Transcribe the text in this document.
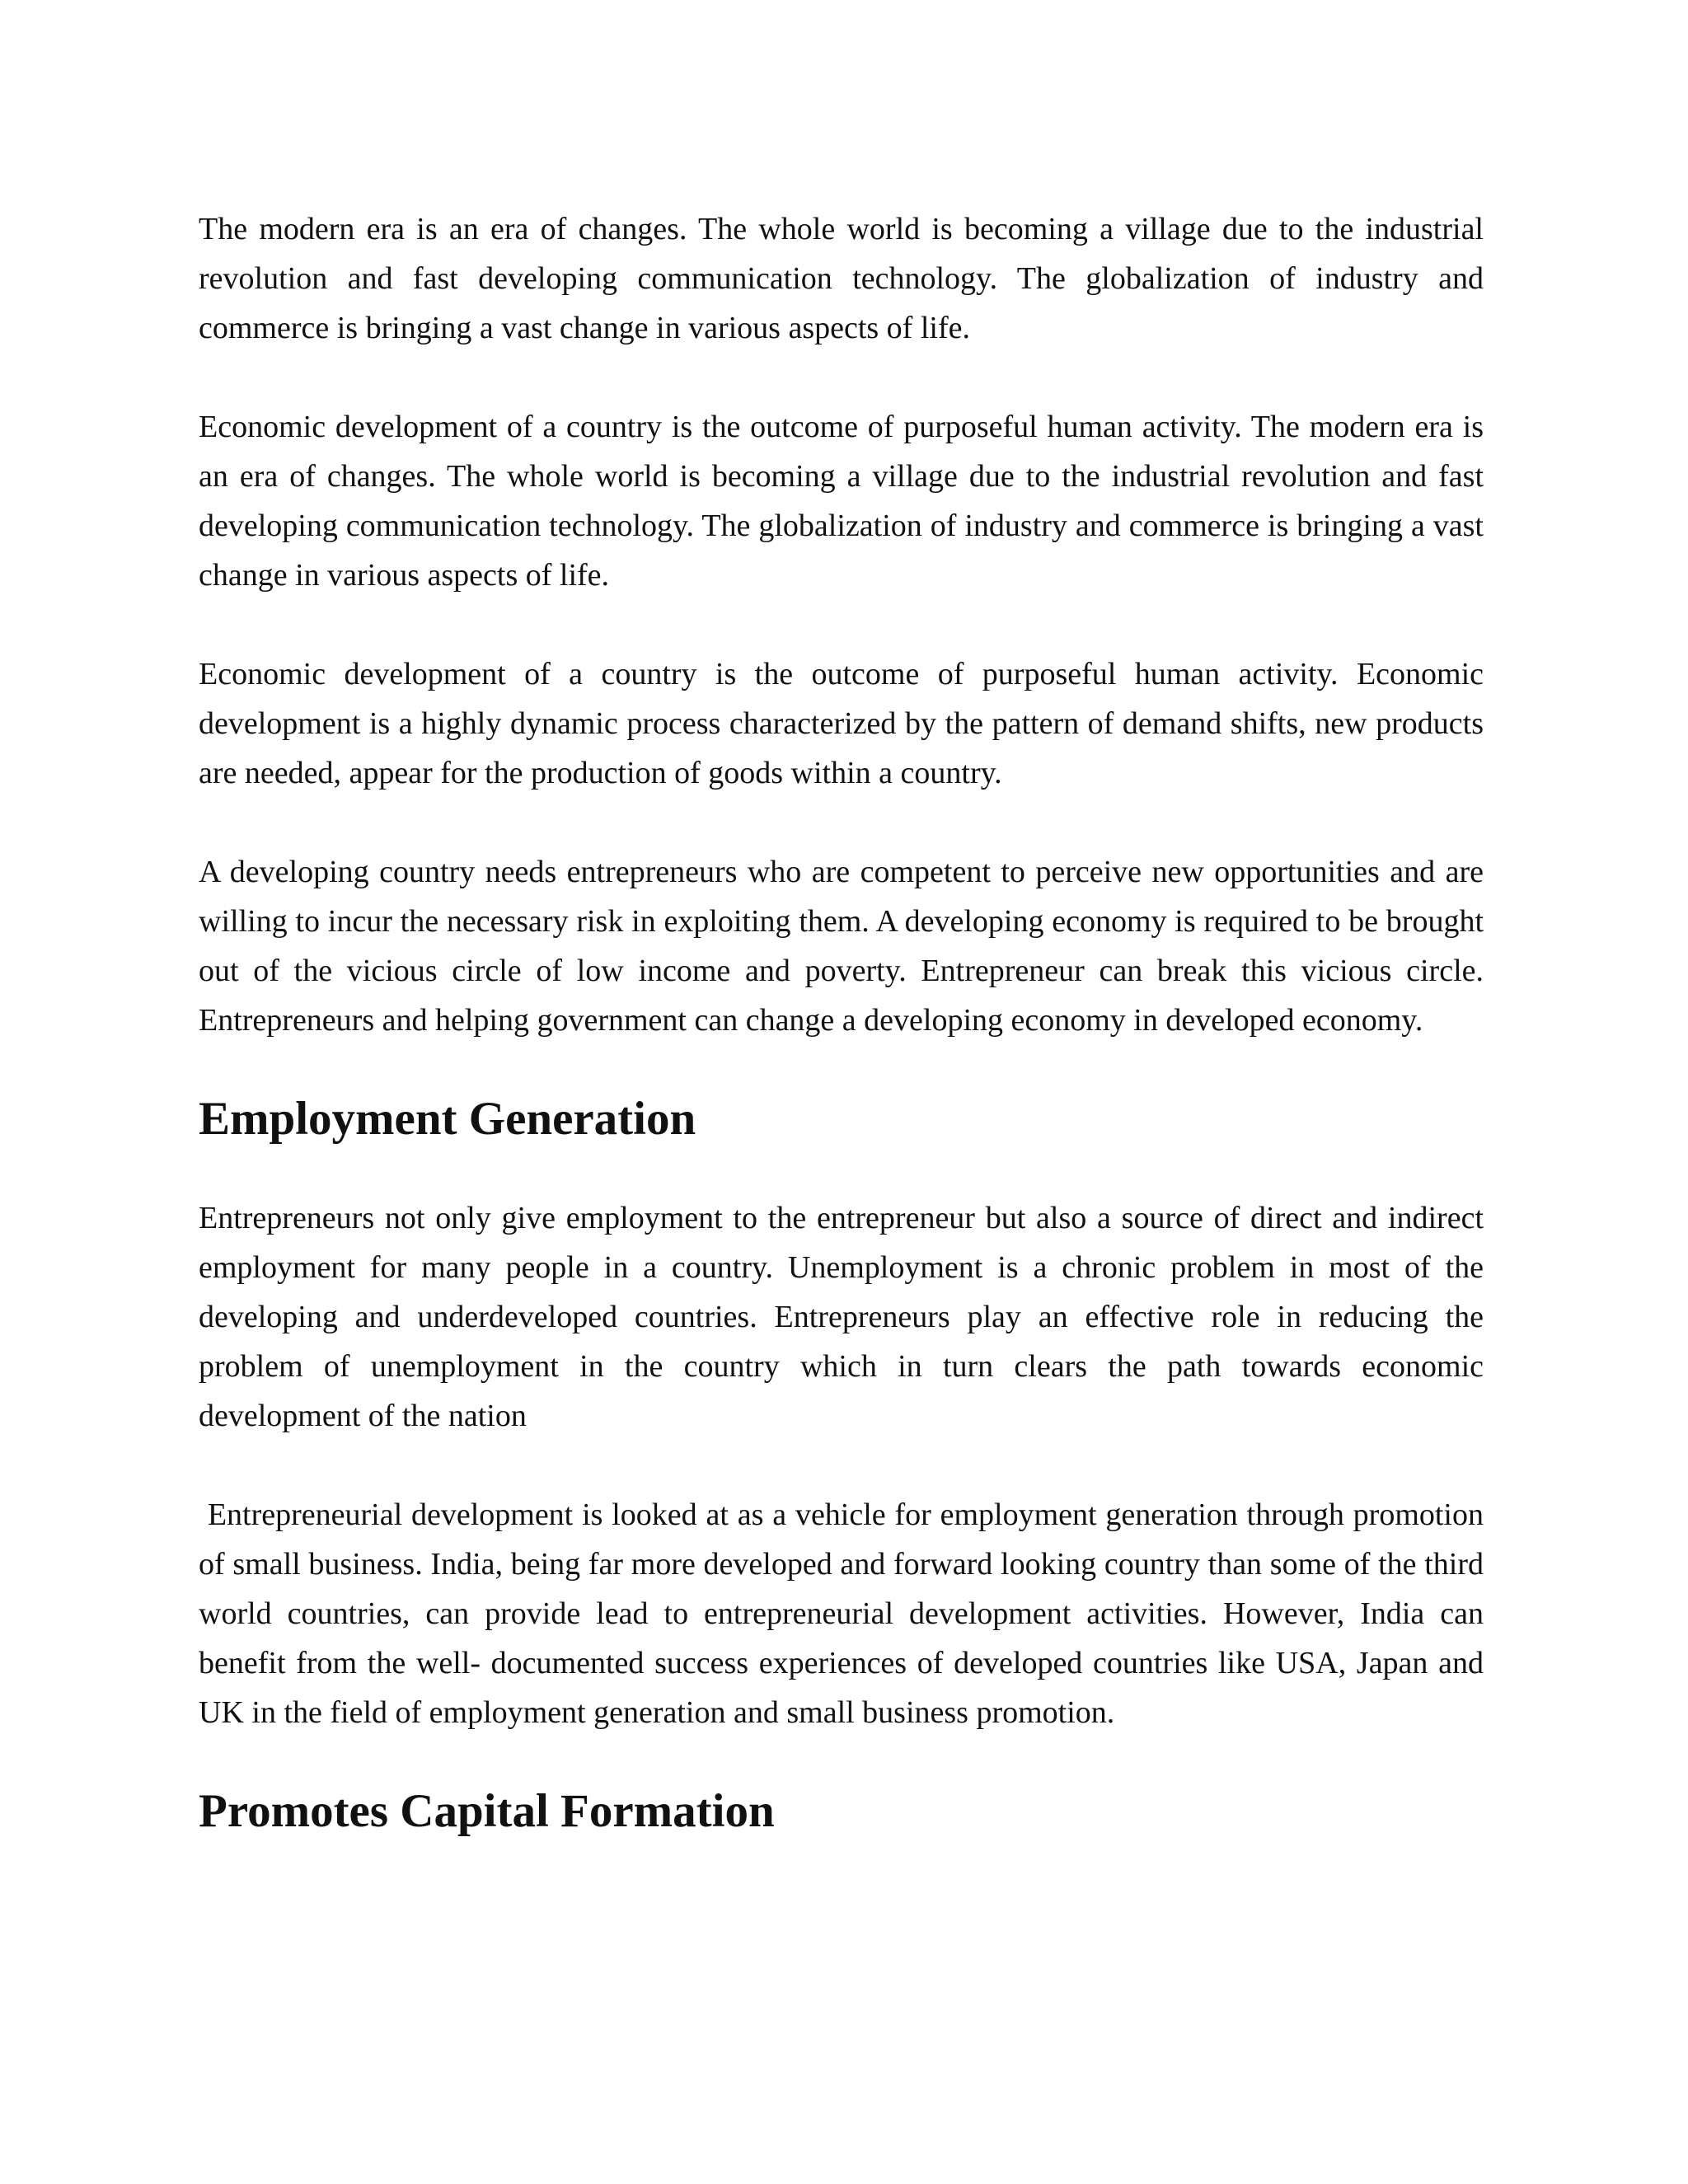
The modern era is an era of changes. The whole world is becoming a village due to the industrial revolution and fast developing communication technology. The globalization of industry and commerce is bringing a vast change in various aspects of life.

Economic development of a country is the outcome of purposeful human activity. The modern era is an era of changes. The whole world is becoming a village due to the industrial revolution and fast developing communication technology. The globalization of industry and commerce is bringing a vast change in various aspects of life.

Economic development of a country is the outcome of purposeful human activity. Economic development is a highly dynamic process characterized by the pattern of demand shifts, new products are needed, appear for the production of goods within a country.

A developing country needs entrepreneurs who are competent to perceive new opportunities and are willing to incur the necessary risk in exploiting them. A developing economy is required to be brought out of the vicious circle of low income and poverty. Entrepreneur can break this vicious circle. Entrepreneurs and helping government can change a developing economy in developed economy.

Employment Generation

Entrepreneurs not only give employment to the entrepreneur but also a source of direct and indirect employment for many people in a country. Unemployment is a chronic problem in most of the developing and underdeveloped countries. Entrepreneurs play an effective role in reducing the problem of unemployment in the country which in turn clears the path towards economic development of the nation

Entrepreneurial development is looked at as a vehicle for employment generation through promotion of small business. India, being far more developed and forward looking country than some of the third world countries, can provide lead to entrepreneurial development activities. However, India can benefit from the well- documented success experiences of developed countries like USA, Japan and UK in the field of employment generation and small business promotion.

Promotes Capital Formation
